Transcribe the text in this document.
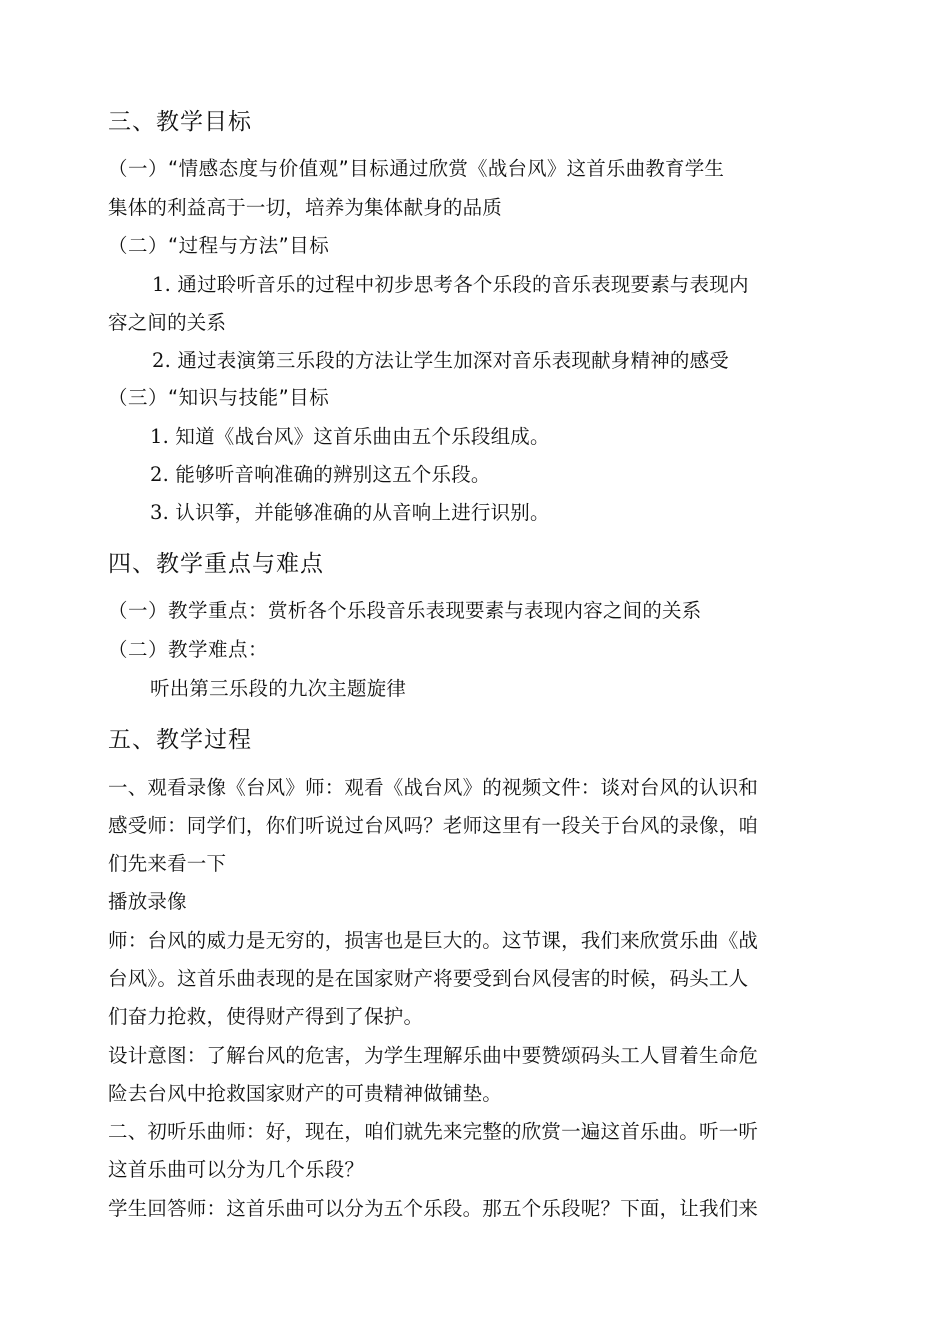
三、教学目标
（一）“情感态度与价值观”目标通过欣赏《战台风》这首乐曲教育学生
集体的利益高于一切，培养为集体献身的品质
（二）“过程与方法”目标
1. 通过聆听音乐的过程中初步思考各个乐段的音乐表现要素与表现内
容之间的关系
2. 通过表演第三乐段的方法让学生加深对音乐表现献身精神的感受
（三）“知识与技能”目标
1. 知道《战台风》这首乐曲由五个乐段组成。
2. 能够听音响准确的辨别这五个乐段。
3. 认识筝，并能够准确的从音响上进行识别。
四、教学重点与难点
（一）教学重点：赏析各个乐段音乐表现要素与表现内容之间的关系
（二）教学难点：
听出第三乐段的九次主题旋律
五、教学过程
一、观看录像《台风》师：观看《战台风》的视频文件：谈对台风的认识和
感受师：同学们，你们听说过台风吗？老师这里有一段关于台风的录像，咱
们先来看一下
播放录像
师：台风的威力是无穷的，损害也是巨大的。这节课，我们来欣赏乐曲《战
台风》。这首乐曲表现的是在国家财产将要受到台风侵害的时候，码头工人
们奋力抢救，使得财产得到了保护。
设计意图：了解台风的危害，为学生理解乐曲中要赞颂码头工人冒着生命危
险去台风中抢救国家财产的可贵精神做铺垫。
二、初听乐曲师：好，现在，咱们就先来完整的欣赏一遍这首乐曲。听一听
这首乐曲可以分为几个乐段？
学生回答师：这首乐曲可以分为五个乐段。那五个乐段呢？下面，让我们来
